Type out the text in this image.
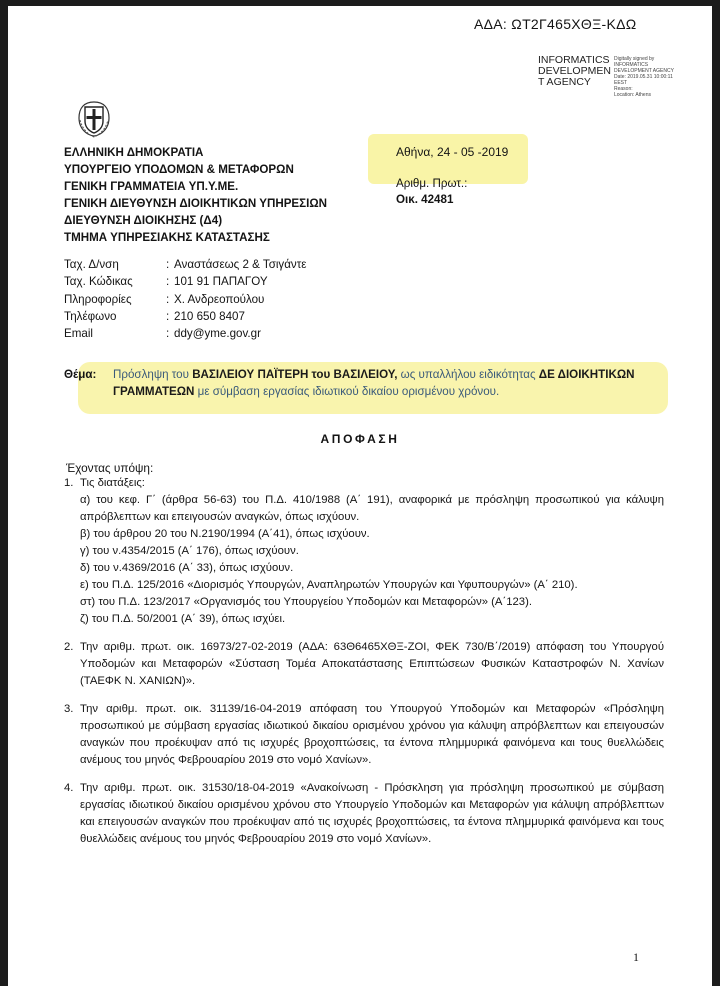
ΑΔΑ: ΩΤ2Γ465ΧΘΞ-ΚΔΩ
INFORMATICS
DEVELOPMEN
T AGENCY
Digitally signed by
INFORMATICS
DEVELOPMENT AGENCY
Date: 2019.05.31 10:00:11
EEST
Reason:
Location: Athens
ΕΛΛΗΝΙΚΗ ΔΗΜΟΚΡΑΤΙΑ
ΥΠΟΥΡΓΕΙΟ ΥΠΟΔΟΜΩΝ & ΜΕΤΑΦΟΡΩΝ
ΓΕΝΙΚΗ ΓΡΑΜΜΑΤΕΙΑ ΥΠ.Υ.ΜΕ.
ΓΕΝΙΚΗ ΔΙΕΥΘΥΝΣΗ ΔΙΟΙΚΗΤΙΚΩΝ ΥΠΗΡΕΣΙΩΝ
ΔΙΕΥΘΥΝΣΗ ΔΙΟΙΚΗΣΗΣ (Δ4)
ΤΜΗΜΑ ΥΠΗΡΕΣΙΑΚΗΣ ΚΑΤΑΣΤΑΣΗΣ
Αθήνα, 24 - 05 -2019
Αριθμ. Πρωτ.:
Οικ. 42481
Ταχ. Δ/νση	: Αναστάσεως 2 & Τσιγάντε
Ταχ. Κώδικας	: 101 91 ΠΑΠΑΓΟΥ
Πληροφορίες	: Χ. Ανδρεοπούλου
Τηλέφωνο	: 210 650 8407
Email	: ddy@yme.gov.gr
Θέμα: Πρόσληψη του ΒΑΣΙΛΕΙΟΥ ΠΑΪΤΕΡΗ του ΒΑΣΙΛΕΙΟΥ, ως υπαλλήλου ειδικότητας ΔΕ ΔΙΟΙΚΗΤΙΚΩΝ ΓΡΑΜΜΑΤΕΩΝ με σύμβαση εργασίας ιδιωτικού δικαίου ορισμένου χρόνου.
ΑΠΟΦΑΣΗ
Έχοντας υπόψη:
1. Τις διατάξεις:
α) του κεφ. Γ΄ (άρθρα 56-63) του Π.Δ. 410/1988 (Α΄ 191), αναφορικά με πρόσληψη προσωπικού για κάλυψη απρόβλεπτων και επειγουσών αναγκών, όπως ισχύουν.
β) του άρθρου 20 του Ν.2190/1994 (Α΄41), όπως ισχύουν.
γ) του ν.4354/2015 (Α΄ 176), όπως ισχύουν.
δ) του ν.4369/2016 (Α΄ 33), όπως ισχύουν.
ε) του Π.Δ. 125/2016 «Διορισμός Υπουργών, Αναπληρωτών Υπουργών και Υφυπουργών» (Α΄ 210).
στ) του Π.Δ. 123/2017 «Οργανισμός του Υπουργείου Υποδομών και Μεταφορών» (Α΄123).
ζ) του Π.Δ. 50/2001 (Α΄ 39), όπως ισχύει.
2. Την αριθμ. πρωτ. οικ. 16973/27-02-2019 (ΑΔΑ: 63Θ6465ΧΘΞ-ΖΟΙ, ΦΕΚ 730/Β΄/2019) απόφαση του Υπουργού Υποδομών και Μεταφορών «Σύσταση Τομέα Αποκατάστασης Επιπτώσεων Φυσικών Καταστροφών Ν. Χανίων (ΤΑΕΦΚ Ν. ΧΑΝΙΩΝ)».
3. Την αριθμ. πρωτ. οικ. 31139/16-04-2019 απόφαση του Υπουργού Υποδομών και Μεταφορών «Πρόσληψη προσωπικού με σύμβαση εργασίας ιδιωτικού δικαίου ορισμένου χρόνου για κάλυψη απρόβλεπτων και επειγουσών αναγκών που προέκυψαν από τις ισχυρές βροχοπτώσεις, τα έντονα πλημμυρικά φαινόμενα και τους θυελλώδεις ανέμους του μηνός Φεβρουαρίου 2019 στο νομό Χανίων».
4. Την αριθμ. πρωτ. οικ. 31530/18-04-2019 «Ανακοίνωση - Πρόσκληση για πρόσληψη προσωπικού με σύμβαση εργασίας ιδιωτικού δικαίου ορισμένου χρόνου στο Υπουργείο Υποδομών και Μεταφορών για κάλυψη απρόβλεπτων και επειγουσών αναγκών που προέκυψαν από τις ισχυρές βροχοπτώσεις, τα έντονα πλημμυρικά φαινόμενα και τους θυελλώδεις ανέμους του μηνός Φεβρουαρίου 2019 στο νομό Χανίων».
1
